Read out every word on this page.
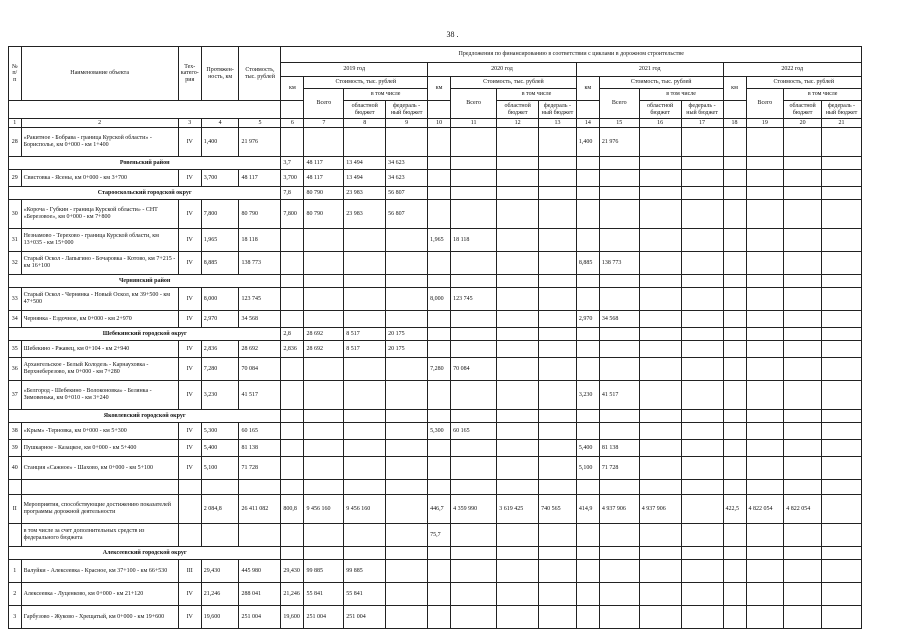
38 .
№ п/п	Наименование объекта	Тех-катего-рия	Протяжен-ность, км	Стоимость, тыс. рублей	Предложения по финансированию в соответствии с циклами в дорожном строительстве															
					2019 год				2020 год				2021 год				2022 год			
					км	Стоимость, тыс. рублей			км	Стоимость, тыс. рублей			км	Стоимость, тыс. рублей			км	Стоимость, тыс. рублей		
						Всего	в том числе			Всего	в том числе			Всего	в том числе			Всего	в том числе	
							областной бюджет	федераль - ный бюджет			областной бюджет	федераль - ный бюджет			областной бюджет	федераль - ный бюджет			областной бюджет	федераль - ный бюджет
1	2	3	4	5	6	7	8	9	10	11	12	13	14	15	16	17	18	19	20	21
28	«Ракитное - Бобрава - граница Курской области» - Борисполье, км 0+000 - км 1+400	IV	1,400	21 976									1,400	21 976						
Ровеньский район					3,7	48 117	13 494	34 623												
29	Свистовка - Ясены, км 0+000 - км 3+700	IV	3,700	48 117	3,700	48 117	13 494	34 623												
Старооскольский городской округ					7,8	80 790	23 983	56 807												
30	«Короча - Губкин - граница Курской области» - СНТ «Березовое», км 0+000 - км 7+800	IV	7,800	80 790	7,800	80 790	23 983	56 807												
31	Незнамово - Терехово - граница Курской области, км 13+035 - км 15+000	IV	1,965	18 118					1,965	18 118										
32	Старый Оскол - Лапыгино - Бочаровка - Котово, км 7+215 - км 16+100	IV	8,885	138 773									8,885	138 773						
Чернянский район																				
33	Старый Оскол - Чернянка - Новый Оскол, км 39+500 - км 47+500	IV	8,000	123 745					8,000	123 745										
34	Чернянка - Ездочное, км 0+000 - км 2+970	IV	2,970	34 568									2,970	34 568						
Шебекинский городской округ					2,8	28 692	8 517	20 175												
35	Шебекино - Ржавец, км 0+104 - км 2+940	IV	2,836	28 692	2,836	28 692	8 517	20 175												
36	Архангельское - Белый Колодезь - Карнауховка - Верхнеберезово, км 0+000 - км 7+280	IV	7,280	70 084					7,280	70 084										
37	«Белгород - Шебекино - Волоконовка» - Белянка - Зимовенька, км 0+010 - км 3+240	IV	3,230	41 517									3,230	41 517						
Яковлевский городской округ																				
38	«Крым» -Терновка, км 0+000 - км 5+300	IV	5,300	60 165					5,300	60 165										
39	Пушкарное - Казацкое, км 0+000 - км 5+400	IV	5,400	81 138									5,400	81 138						
40	Станция «Сажное» - Шахово, км 0+000 - км 5+100	IV	5,100	71 728									5,100	71 728						

II	Мероприятия, способствующие достижению показателей программы дорожной деятельности		2 084,8	26 411 082	800,8	9 456 160	9 456 160		446,7	4 359 990	3 619 425	740 565	414,9	4 937 906	4 937 906		422,5	4 822 054	4 822 054	
	в том числе за счет дополнительных средств из федерального бюджета								75,7											
Алексеевский городской округ																				
1	Валуйки - Алексеевка - Красное, км 37+100 - км 66+530	III	29,430	445 980	29,430	99 885	99 885													
2	Алексеевка - Луценково, км 0+000 - км 21+120	IV	21,246	288 041	21,246	55 841	55 841													
3	Гарбузово - Жуково - Хрещатый, км 0+000 - км 19+600	IV	19,600	251 004	19,600	251 004	251 004													
